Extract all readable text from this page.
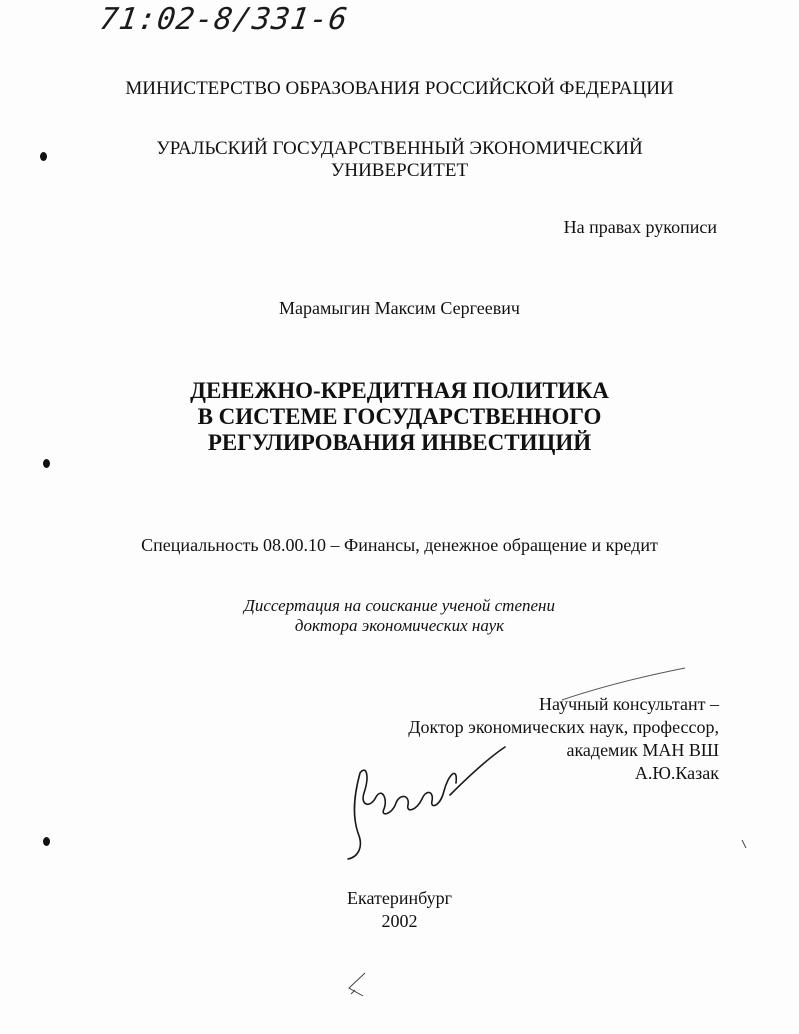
71:02-8/331-6
МИНИСТЕРСТВО ОБРАЗОВАНИЯ РОССИЙСКОЙ ФЕДЕРАЦИИ
УРАЛЬСКИЙ ГОСУДАРСТВЕННЫЙ ЭКОНОМИЧЕСКИЙ
УНИВЕРСИТЕТ
На правах рукописи
Марамыгин Максим Сергеевич
ДЕНЕЖНО-КРЕДИТНАЯ ПОЛИТИКА
В СИСТЕМЕ ГОСУДАРСТВЕННОГО
РЕГУЛИРОВАНИЯ ИНВЕСТИЦИЙ
Специальность 08.00.10 – Финансы, денежное обращение и кредит
Диссертация на соискание ученой степени
доктора экономических наук
Научный консультант –
Доктор экономических наук, профессор,
академик МАН ВШ
А.Ю.Казак
Екатеринбург
2002
